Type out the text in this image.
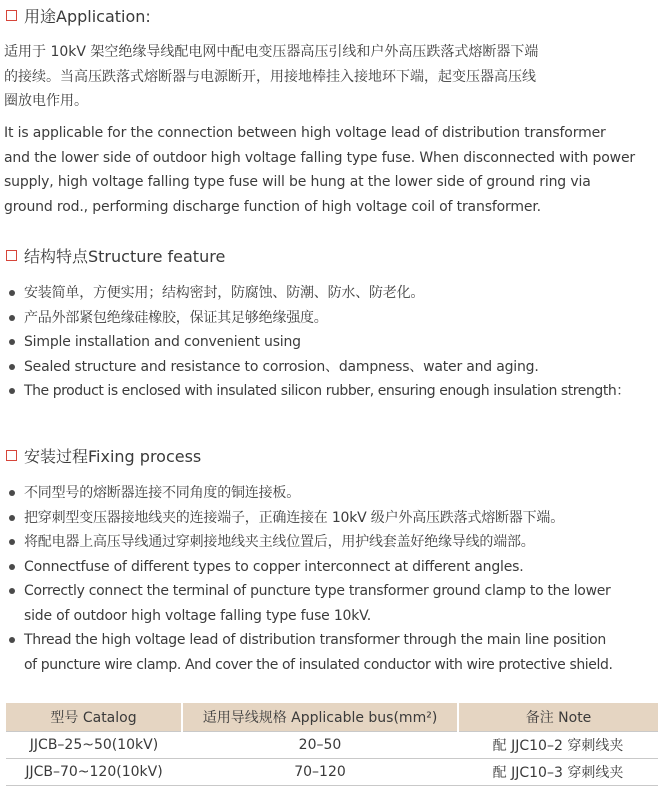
用途Application:
适用于 10kV 架空绝缘导线配电网中配电变压器高压引线和户外高压跌落式熔断器下端
的接续。当高压跌落式熔断器与电源断开，用接地棒挂入接地环下端，起变压器高压线
圈放电作用。
It is applicable for the connection between high voltage lead of distribution transformer
and the lower side of outdoor high voltage falling type fuse. When disconnected with power
supply, high voltage falling type fuse will be hung at the lower side of ground ring via
ground rod., performing discharge function of high voltage coil of transformer.
结构特点Structure feature
安装简单，方便实用；结构密封，防腐蚀、防潮、防水、防老化。
产品外部紧包绝缘硅橡胶，保证其足够绝缘强度。
Simple installation and convenient using
Sealed structure and resistance to corrosion、dampness、water and aging.
The product is enclosed with insulated silicon rubber, ensuring enough insulation strength：
安装过程Fixing process
不同型号的熔断器连接不同角度的铜连接板。
把穿刺型变压器接地线夹的连接端子，正确连接在 10kV 级户外高压跌落式熔断器下端。
将配电器上高压导线通过穿刺接地线夹主线位置后，用护线套盖好绝缘导线的端部。
Connectfuse of different types to copper interconnect at different angles.
Correctly connect the terminal of puncture type transformer ground clamp to the lower
side of outdoor high voltage falling type fuse 10kV.
Thread the high voltage lead of distribution transformer through the main line position
of puncture wire clamp. And cover the of insulated conductor with wire protective shield.
型号 Catalog	适用导线规格 Applicable bus(mm²)	备注 Note
JJCB–25~50(10kV)	20–50	配 JJC10–2 穿刺线夹
JJCB–70~120(10kV)	70–120	配 JJC10–3 穿刺线夹
